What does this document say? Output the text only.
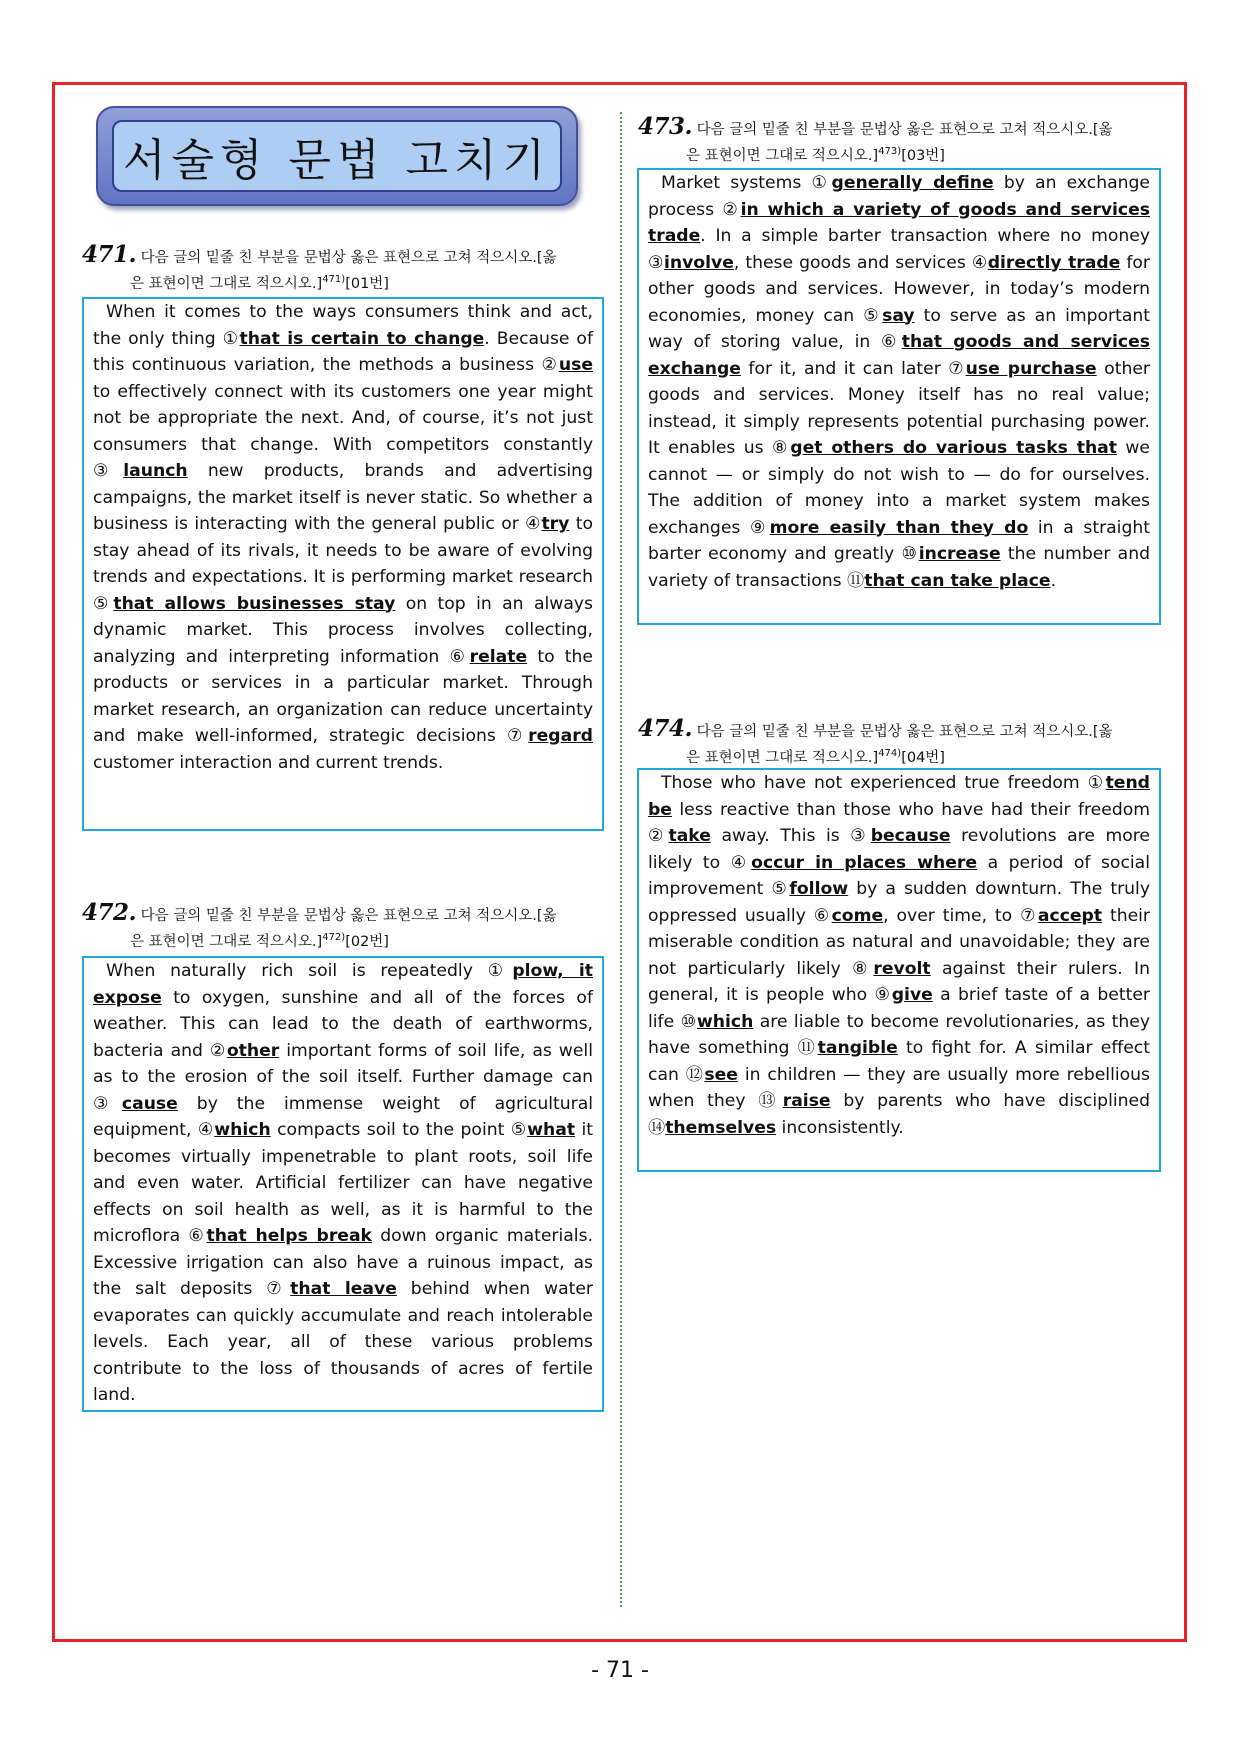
서술형 문법 고치기
471. 다음 글의 밑줄 친 부분을 문법상 옳은 표현으로 고쳐 적으시오.[옳
은 표현이면 그대로 적으시오.]$^{471)}$[01번]

When it comes to the ways consumers think and act, the only thing ①that is certain to change. Because of this continuous variation, the methods a business ②use to effectively connect with its customers one year might not be appropriate the next. And, of course, it’s not just consumers that change. With competitors constantly ③launch new products, brands and advertising campaigns, the market itself is never static. So whether a business is interacting with the general public or ④try to stay ahead of its rivals, it needs to be aware of evolving trends and expectations. It is performing market research ⑤that allows businesses stay on top in an always dynamic market. This process involves collecting, analyzing and interpreting information ⑥relate to the products or services in a particular market. Through market research, an organization can reduce uncertainty and make well-informed, strategic decisions ⑦regard customer interaction and current trends.

472. 다음 글의 밑줄 친 부분을 문법상 옳은 표현으로 고쳐 적으시오.[옳
은 표현이면 그대로 적으시오.]$^{472)}$[02번]

When naturally rich soil is repeatedly ①plow, it expose to oxygen, sunshine and all of the forces of weather. This can lead to the death of earthworms, bacteria and ②other important forms of soil life, as well as to the erosion of the soil itself. Further damage can ③cause by the immense weight of agricultural equipment, ④which compacts soil to the point ⑤what it becomes virtually impenetrable to plant roots, soil life and even water. Artificial fertilizer can have negative effects on soil health as well, as it is harmful to the microflora ⑥that helps break down organic materials. Excessive irrigation can also have a ruinous impact, as the salt deposits ⑦that leave behind when water evaporates can quickly accumulate and reach intolerable levels. Each year, all of these various problems contribute to the loss of thousands of acres of fertile land.

473. 다음 글의 밑줄 친 부분을 문법상 옳은 표현으로 고쳐 적으시오.[옳
은 표현이면 그대로 적으시오.]$^{473)}$[03번]

Market systems ①generally define by an exchange process ②in which a variety of goods and services trade. In a simple barter transaction where no money ③involve, these goods and services ④directly trade for other goods and services. However, in today’s modern economies, money can ⑤say to serve as an important way of storing value, in ⑥that goods and services exchange for it, and it can later ⑦use purchase other goods and services. Money itself has no real value; instead, it simply represents potential purchasing power. It enables us ⑧get others do various tasks that we cannot — or simply do not wish to — do for ourselves. The addition of money into a market system makes exchanges ⑨more easily than they do in a straight barter economy and greatly ⑩increase the number and variety of transactions ⑪that can take place.

474. 다음 글의 밑줄 친 부분을 문법상 옳은 표현으로 고쳐 적으시오.[옳
은 표현이면 그대로 적으시오.]$^{474)}$[04번]

Those who have not experienced true freedom ①tend be less reactive than those who have had their freedom ②take away. This is ③because revolutions are more likely to ④occur in places where a period of social improvement ⑤follow by a sudden downturn. The truly oppressed usually ⑥come, over time, to ⑦accept their miserable condition as natural and unavoidable; they are not particularly likely ⑧revolt against their rulers. In general, it is people who ⑨give a brief taste of a better life ⑩which are liable to become revolutionaries, as they have something ⑪tangible to fight for. A similar effect can ⑫see in children — they are usually more rebellious when they ⑬raise by parents who have disciplined ⑭themselves inconsistently.

- 71 -
